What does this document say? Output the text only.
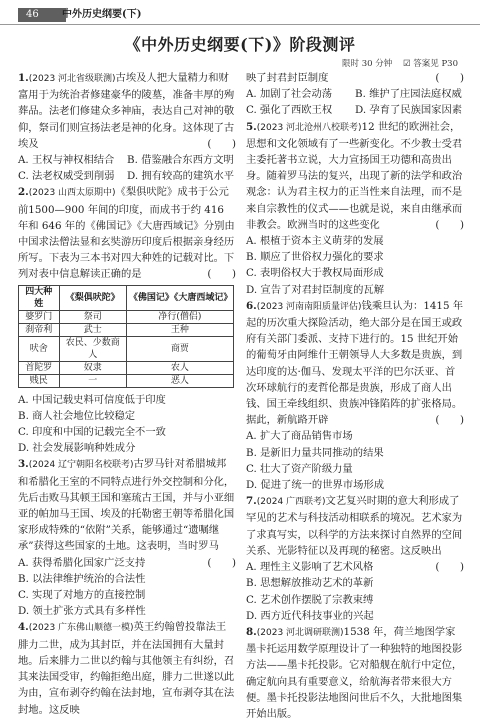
46 中外历史纲要(下)
《中外历史纲要(下)》阶段测评
限时 30 分钟 ☑ 答案见 P30

1.(2023 河北省级联测)古埃及人把大量精力和财富用于为统治者修建豪华的陵墓，准备丰厚的殉葬品。法老们修建众多神庙，表达自己对神的敬仰，祭司们则宣扬法老是神的化身。这体现了古埃及	(　　)

A. 王权与神权相结合	B. 借鉴融合东西方文明
C. 法老权威受到削弱	D. 拥有较高的建筑水平

2.(2023 山西太原期中)《梨俱吠陀》成书于公元前1500—900 年间的印度，而成书于约 416 年和 646 年的《佛国记》《大唐西域记》分别由中国求法僧法显和玄奘游历印度后根据亲身经历所写。下表为三本书对四大种姓的记载对比。下列对表中信息解读正确的是	(　　)

四大种姓	《梨俱吠陀》	《佛国记》《大唐西域记》
婆罗门	祭司	净行(僧侣)
刹帝利	武士	王种
吠舍	农民、少数商人	商贾
首陀罗	奴隶	农人
贱民	一	恶人
A. 中国记载史料可信度低于印度
B. 商人社会地位比较稳定
C. 印度和中国的记载完全不一致
D. 社会发展影响种姓成分

3.(2024 辽宁朝阳名校联考)古罗马针对希腊城邦和希腊化王室的不同特点进行外交控制和分化，先后击败马其顿王国和塞琉古王国，并与小亚细亚的帕加马王国、埃及的托勒密王朝等希腊化国家形成特殊的“依附”关系，能够通过“遗嘱继承”获得这些国家的土地。这表明，当时罗马
(　　)

A. 获得希腊化国家广泛支持
B. 以法律维护统治的合法性
C. 实现了对地方的直接控制
D. 领土扩张方式具有多样性

4.(2023 广东佛山顺德一模)英王约翰曾投靠法王腓力二世，成为其封臣，并在法国拥有大量封地。后来腓力二世以约翰与其他领主有纠纷，召其来法国受审，约翰拒绝出庭，腓力二世遂以此为由，宣布剥夺约翰在法封地，宣布剥夺其在法封地。这反映

映了封君封臣制度	(　　)

A. 加剧了社会动荡	B. 维护了庄园法庭权威
C. 强化了西欧王权	D. 孕育了民族国家因素

5.(2023 河北沧州八校联考)12 世纪的欧洲社会，思想和文化领域有了一些新变化。不少教士受君主委托著书立说，大力宣扬国王功德和高贵出身。随着罗马法的复兴，出现了新的法学和政治观念：认为君主权力的正当性来自法理，而不是来自宗教性的仪式——也就是说，来自由继承而非教会。欧洲当时的这些变化	(　　)

A. 根植于资本主义萌芽的发展
B. 顺应了世俗权力强化的要求
C. 表明俗权大于教权局面形成
D. 宣告了对君封臣制度的瓦解

6.(2023 河南南阳质量评估)钱乘旦认为：1415 年起的历次重大探险活动，绝大部分是在国王或政府有关部门委派、支持下进行的。15 世纪开始的葡萄牙由阿维什王朝领导人大多数是贵族，到达印度的达·伽马、发现太平洋的巴尔沃亚、首次环球航行的麦哲伦都是贵族，形成了商人出钱、国王牵线组织、贵族冲锋陷阵的扩张格局。据此，新航路开辟	(　　)

A. 扩大了商品销售市场
B. 是新旧力量共同推动的结果
C. 壮大了资产阶级力量
D. 促进了统一的世界市场形成

7.(2024 广西联考)文艺复兴时期的意大利形成了罕见的艺术与科技活动相联系的境况。艺术家为了求真写实，以科学的方法来探讨自然界的空间关系、光影特征以及再现的秘密。这反映出
(　　)

A. 理性主义影响了艺术风格
B. 思想解放推动艺术的革新
C. 艺术创作摆脱了宗教束缚
D. 西方近代科技事业的兴起

8.(2023 河北调研联测)1538 年，荷兰地图学家墨卡托运用数学原理设计了一种独特的地图投影方法——墨卡托投影。它对船舰在航行中定位，确定航向具有重要意义，给航海者带来很大方便。墨卡托投影法地图问世后不久，大批地图集开始出版。
